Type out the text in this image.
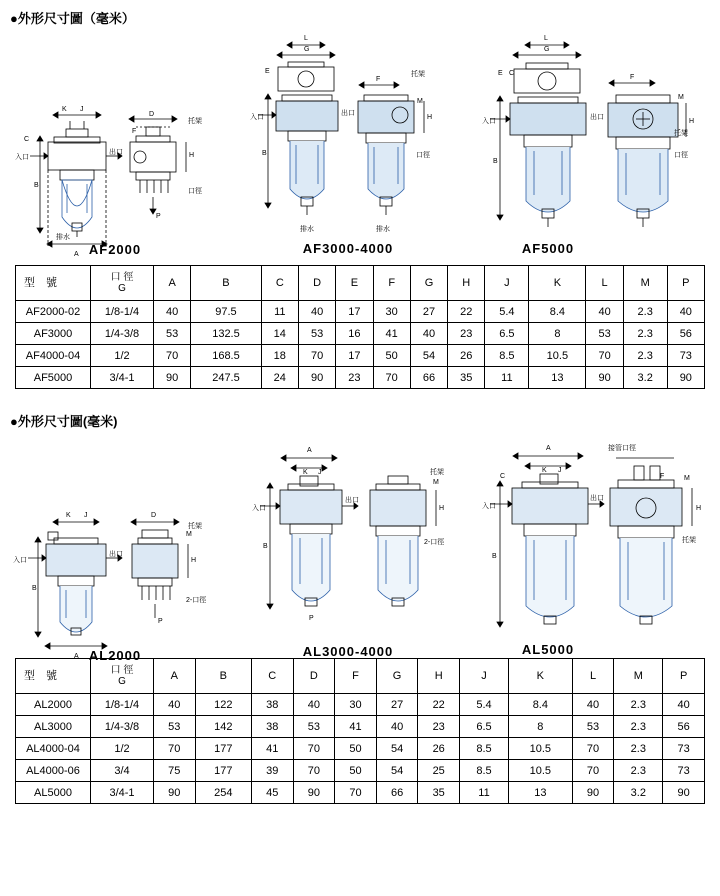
●外形尺寸圖（毫米）
C
K J
入口
出口
B
A
排水
D
F
H
P
托架
口徑
AF2000
L
G
E
入口
B
排水
F
托架
H
M
口徑
排水
出口
AF3000-4000
L
G
E C
入口
B
F
M
H
托架
口徑
出口
AF5000
型　號	口 徑
G	A	B	C	D	E	F	G	H	J	K	L	M	P
AF2000-02	1/8-1/4	40	97.5	11	40	17	30	27	22	5.4	8.4	40	2.3	40
AF3000	1/4-3/8	53	132.5	14	53	16	41	40	23	6.5	8	53	2.3	56
AF4000-04	1/2	70	168.5	18	70	17	50	54	26	8.5	10.5	70	2.3	73
AF5000	3/4-1	90	247.5	24	90	23	70	66	35	11	13	90	3.2	90
●外形尺寸圖(毫米)
K J
入口
出口
B
A
D
H
P
M
托架
2-口徑
AL2000
A
K J
入口
出口
B
P
M
H
托架
2-口徑
AL3000-4000
A
K J
C
入口
出口
B
接管口徑
F	M
H
托架
AL5000
型　號	口 徑
G	A	B	C	D	F	G	H	J	K	L	M	P
AL2000	1/8-1/4	40	122	38	40	30	27	22	5.4	8.4	40	2.3	40
AL3000	1/4-3/8	53	142	38	53	41	40	23	6.5	8	53	2.3	56
AL4000-04	1/2	70	177	41	70	50	54	26	8.5	10.5	70	2.3	73
AL4000-06	3/4	75	177	39	70	50	54	25	8.5	10.5	70	2.3	73
AL5000	3/4-1	90	254	45	90	70	66	35	11	13	90	3.2	90
